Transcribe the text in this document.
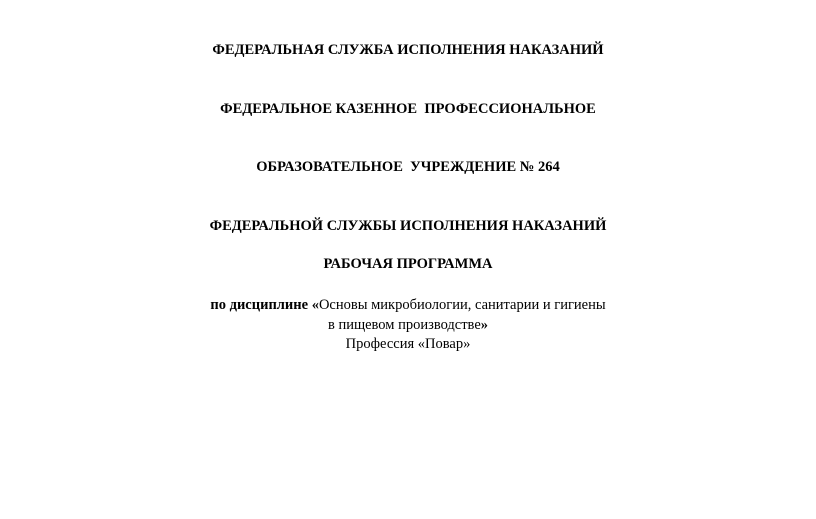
ФЕДЕРАЛЬНАЯ СЛУЖБА ИСПОЛНЕНИЯ НАКАЗАНИЙ

ФЕДЕРАЛЬНОЕ КАЗЕННОЕ  ПРОФЕССИОНАЛЬНОЕ

ОБРАЗОВАТЕЛЬНОЕ  УЧРЕЖДЕНИЕ № 264

ФЕДЕРАЛЬНОЙ СЛУЖБЫ ИСПОЛНЕНИЯ НАКАЗАНИЙ

РАБОЧАЯ ПРОГРАММА
по дисциплине «Основы микробиологии, санитарии и гигиены
в пищевом производстве»
Профессия «Повар»
